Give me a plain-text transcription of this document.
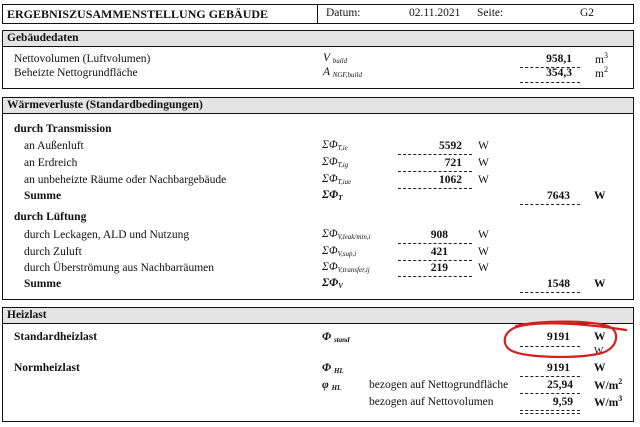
ERGEBNISZUSAMMENSTELLUNG GEBÄUDE	Datum:	02.11.2021 Seite:	G2
Gebäudedaten
Nettovolumen (Luftvolumen)	V $_{build}$	958,1 $m^3$
Beheizte Nettogrundfläche	A $_{NGF,build}$	354,3 $m^2$
Wärmeverluste (Standardbedingungen)
durch Transmission
an Außenluft	$\Sigma\Phi_{T,ie}$	5592 W
an Erdreich	$\Sigma\Phi_{T,ig}$	721 W
an unbeheizte Räume oder Nachbargebäude	$\Sigma\Phi_{T,iae}$	1062 W
Summe	$\Sigma\Phi_T$	7643 W
durch Lüftung
durch Leckagen, ALD und Nutzung	$\Sigma\Phi_{V,leak/min,i}$	908	W
durch Zuluft	$\Sigma\Phi_{V,sup,i}$	421	W
durch Überströmung aus Nachbarräumen	$\Sigma\Phi_{V,transfer,ij}$	219	W
Summe	$\Sigma\Phi_V$	1548 W
Heizlast
Standardheizlast	Φ $_{stand}$	9191 W
W
Normheizlast	Φ $_{HL}$	9191 W
φ $_{HL}$ bezogen auf Nettogrundfläche	25,94 $W/m^2$
bezogen auf Nettovolumen	9,59 $W/m^3$
